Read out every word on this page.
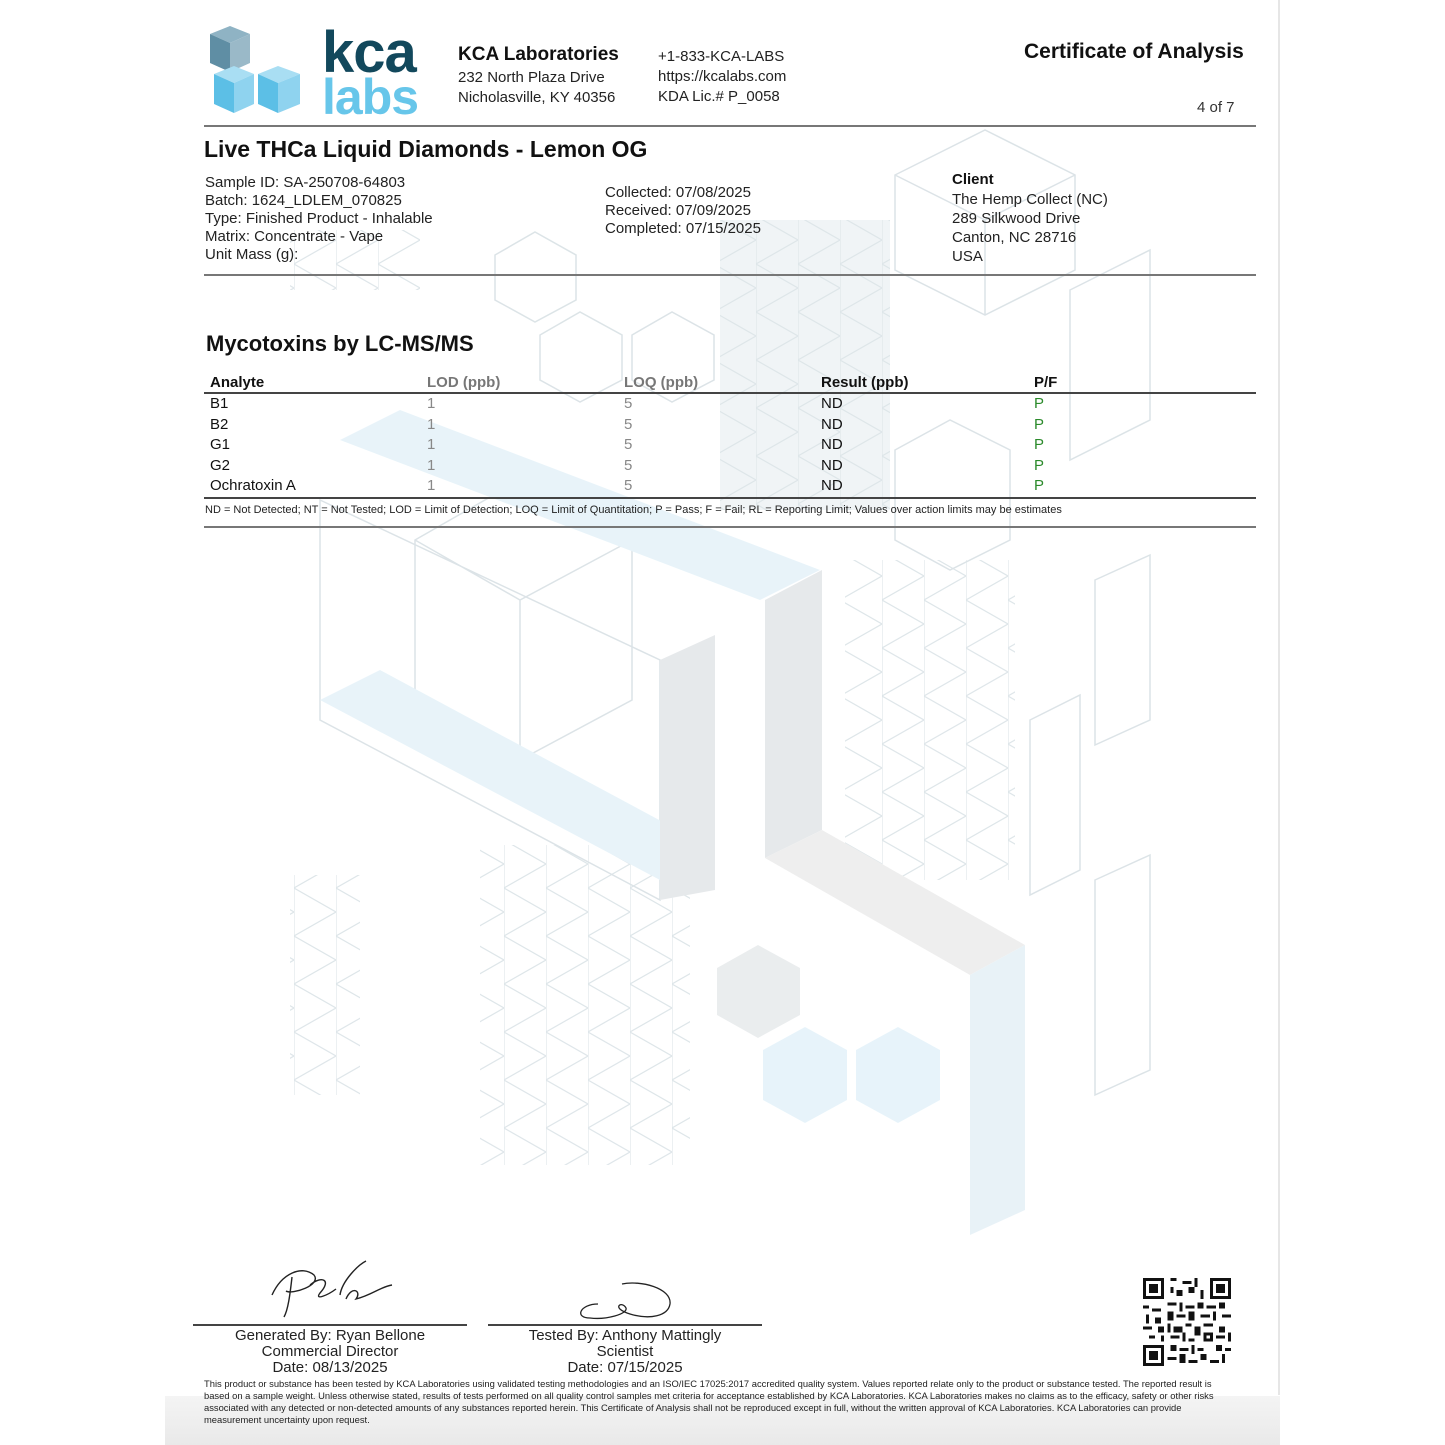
kca
labs
KCA Laboratories
232 North Plaza Drive
Nicholasville, KY 40356
+1-833-KCA-LABS
https://kcalabs.com
KDA Lic.# P_0058
Certificate of Analysis
4 of 7
Live THCa Liquid Diamonds - Lemon OG
Sample ID: SA-250708-64803
Batch: 1624_LDLEM_070825
Type: Finished Product - Inhalable
Matrix: Concentrate - Vape
Unit Mass (g):
Collected: 07/08/2025
Received: 07/09/2025
Completed: 07/15/2025
Client
The Hemp Collect (NC)
289 Silkwood Drive
Canton, NC 28716
USA
Mycotoxins by LC-MS/MS
Analyte	LOD (ppb)	LOQ (ppb)	Result (ppb)	P/F
B1	1	5	ND	P
B2	1	5	ND	P
G1	1	5	ND	P
G2	1	5	ND	P
Ochratoxin A	1	5	ND	P
ND = Not Detected; NT = Not Tested; LOD = Limit of Detection; LOQ = Limit of Quantitation; P = Pass; F = Fail; RL = Reporting Limit; Values over action limits may be estimates
Generated By: Ryan Bellone
Commercial Director
Date: 08/13/2025
Tested By: Anthony Mattingly
Scientist
Date: 07/15/2025
This product or substance has been tested by KCA Laboratories using validated testing methodologies and an ISO/IEC 17025:2017 accredited quality system. Values reported relate only to the product or substance tested. The reported result is based on a sample weight. Unless otherwise stated, results of tests performed on all quality control samples met criteria for acceptance established by KCA Laboratories. KCA Laboratories makes no claims as to the efficacy, safety or other risks associated with any detected or non-detected amounts of any substances reported herein. This Certificate of Analysis shall not be reproduced except in full, without the written approval of KCA Laboratories. KCA Laboratories can provide measurement uncertainty upon request.
